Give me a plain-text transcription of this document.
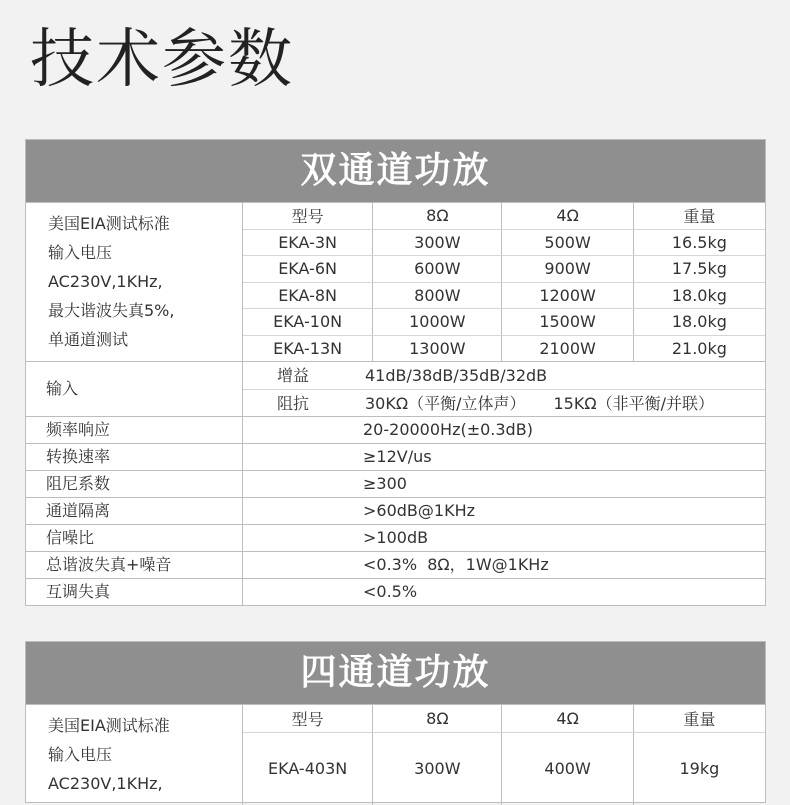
技术参数
双通道功放
美国EIA测试标准
输入电压
AC230V,1KHz,
最大谐波失真5%,
单通道测试
型号	8Ω	4Ω	重量
EKA-3N	300W	500W	16.5kg
EKA-6N	600W	900W	17.5kg
EKA-8N	800W	1200W	18.0kg
EKA-10N	1000W	1500W	18.0kg
EKA-13N	1300W	2100W	21.0kg
输入
增益	41dB/38dB/35dB/32dB
阻抗	30KΩ（平衡/立体声）	15KΩ（非平衡/并联）
频率响应	20-20000Hz(±0.3dB)
转换速率	≥12V/us
阻尼系数	≥300
通道隔离	>60dB@1KHz
信噪比	>100dB
总谐波失真+噪音	<0.3%  8Ω，1W@1KHz
互调失真	<0.5%
四通道功放
美国EIA测试标准
输入电压
AC230V,1KHz,
型号	8Ω	4Ω	重量
EKA-403N	300W	400W	19kg
